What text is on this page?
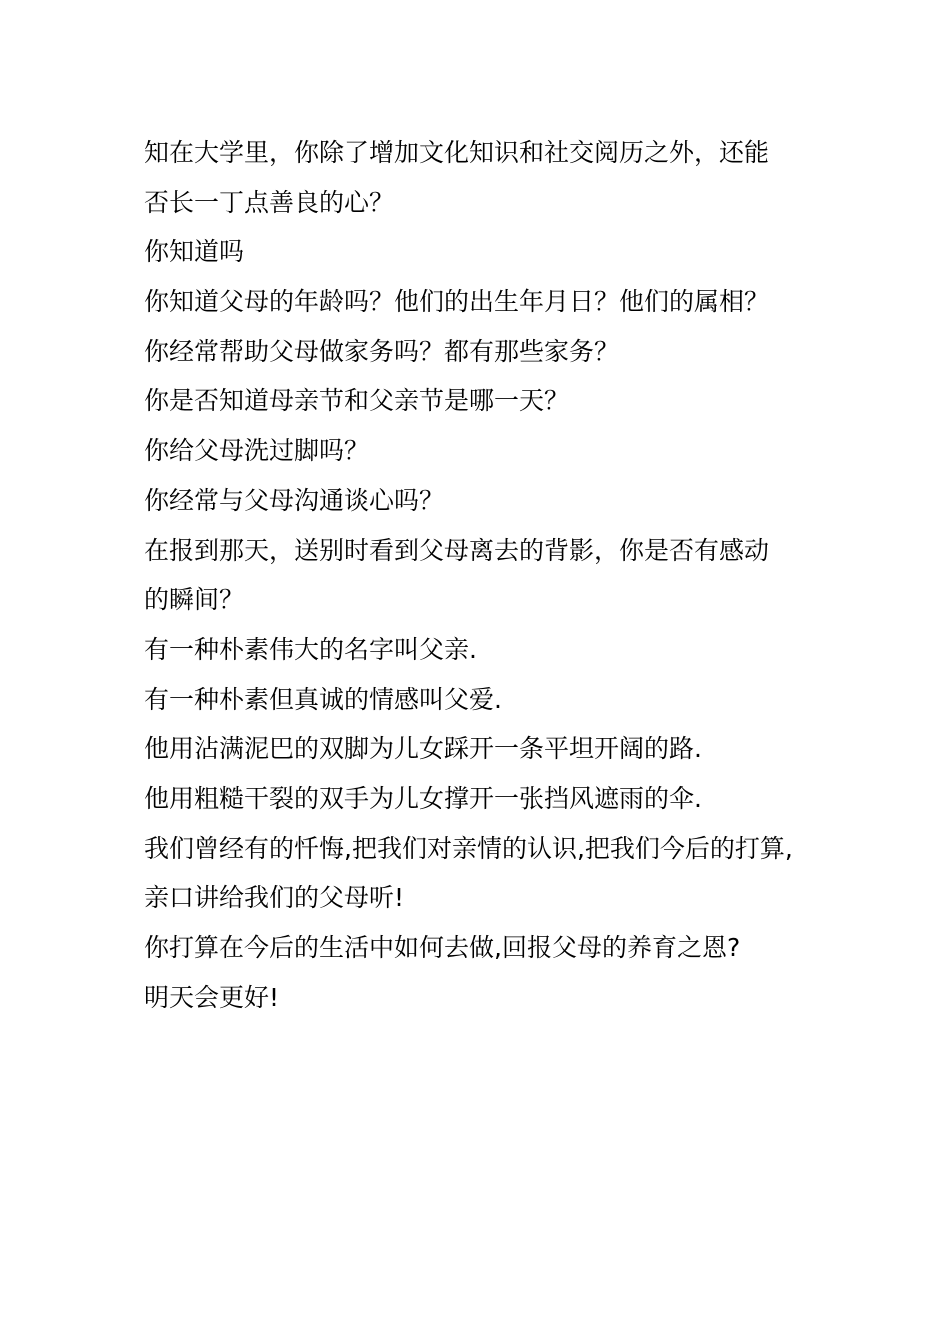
知在大学里，你除了增加文化知识和社交阅历之外，还能
否长一丁点善良的心？
你知道吗
你知道父母的年龄吗？他们的出生年月日？他们的属相？
你经常帮助父母做家务吗？都有那些家务？
你是否知道母亲节和父亲节是哪一天？
你给父母洗过脚吗？
你经常与父母沟通谈心吗？
在报到那天，送别时看到父母离去的背影，你是否有感动
的瞬间？
有一种朴素伟大的名字叫父亲.
有一种朴素但真诚的情感叫父爱.
他用沾满泥巴的双脚为儿女踩开一条平坦开阔的路.
他用粗糙干裂的双手为儿女撑开一张挡风遮雨的伞.
我们曾经有的忏悔,把我们对亲情的认识,把我们今后的打算,
亲口讲给我们的父母听!
你打算在今后的生活中如何去做,回报父母的养育之恩?
明天会更好!
